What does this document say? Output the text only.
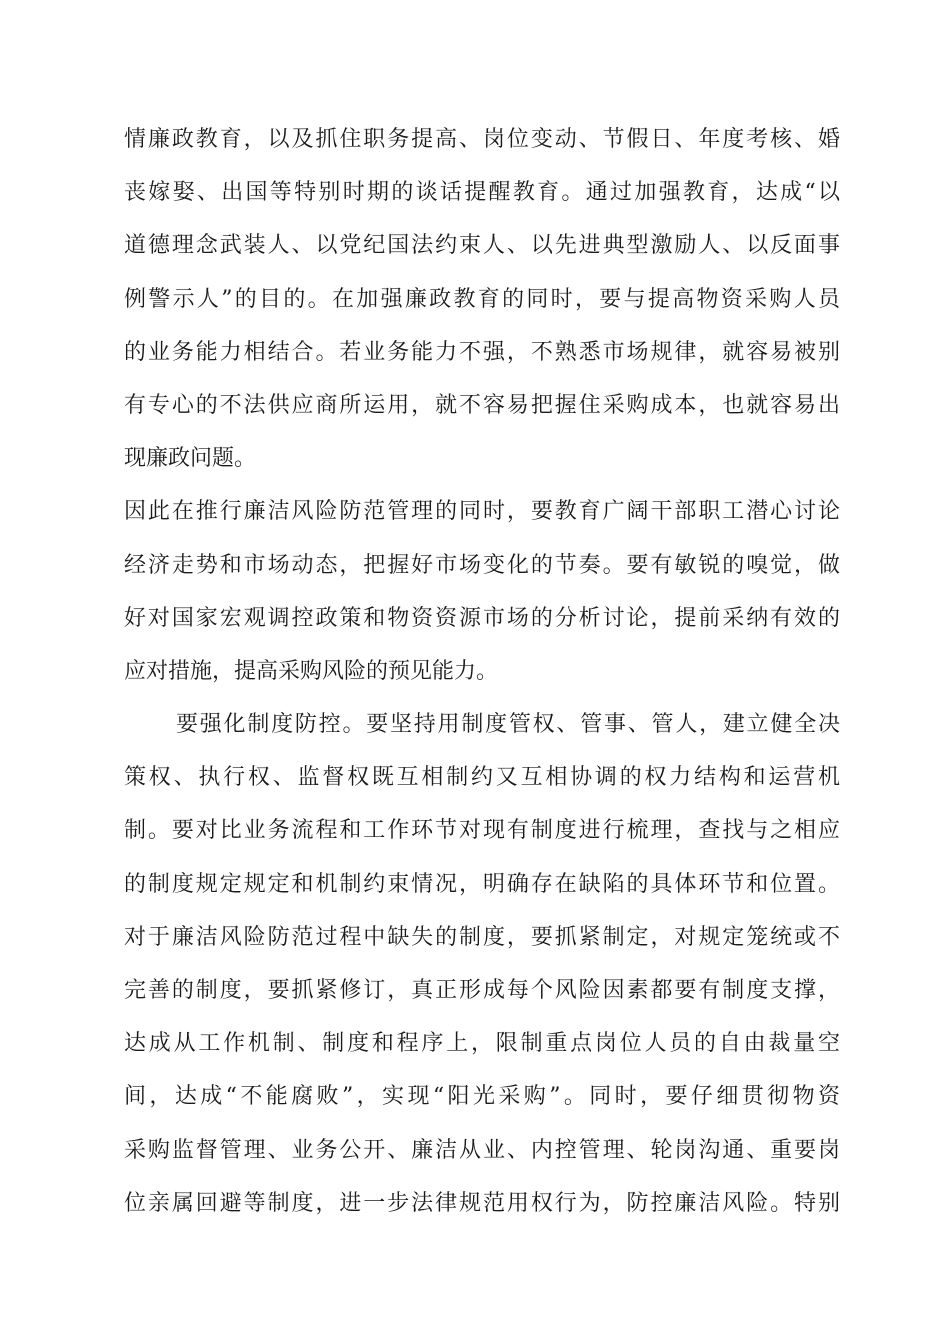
情廉政教育，以及抓住职务提高、岗位变动、节假日、年度考核、婚
丧嫁娶、出国等特别时期的谈话提醒教育。通过加强教育，达成“以
道德理念武装人、以党纪国法约束人、以先进典型激励人、以反面事
例警示人”的目的。在加强廉政教育的同时，要与提高物资采购人员
的业务能力相结合。若业务能力不强，不熟悉市场规律，就容易被别
有专心的不法供应商所运用，就不容易把握住采购成本，也就容易出
现廉政问题。
因此在推行廉洁风险防范管理的同时，要教育广阔干部职工潜心讨论
经济走势和市场动态，把握好市场变化的节奏。要有敏锐的嗅觉，做
好对国家宏观调控政策和物资资源市场的分析讨论，提前采纳有效的
应对措施，提高采购风险的预见能力。
要强化制度防控。要坚持用制度管权、管事、管人，建立健全决
策权、执行权、监督权既互相制约又互相协调的权力结构和运营机
制。要对比业务流程和工作环节对现有制度进行梳理，查找与之相应
的制度规定规定和机制约束情况，明确存在缺陷的具体环节和位置。
对于廉洁风险防范过程中缺失的制度，要抓紧制定，对规定笼统或不
完善的制度，要抓紧修订，真正形成每个风险因素都要有制度支撑，
达成从工作机制、制度和程序上，限制重点岗位人员的自由裁量空
间，达成“不能腐败”，实现“阳光采购”。同时，要仔细贯彻物资
采购监督管理、业务公开、廉洁从业、内控管理、轮岗沟通、重要岗
位亲属回避等制度，进一步法律规范用权行为，防控廉洁风险。特别
